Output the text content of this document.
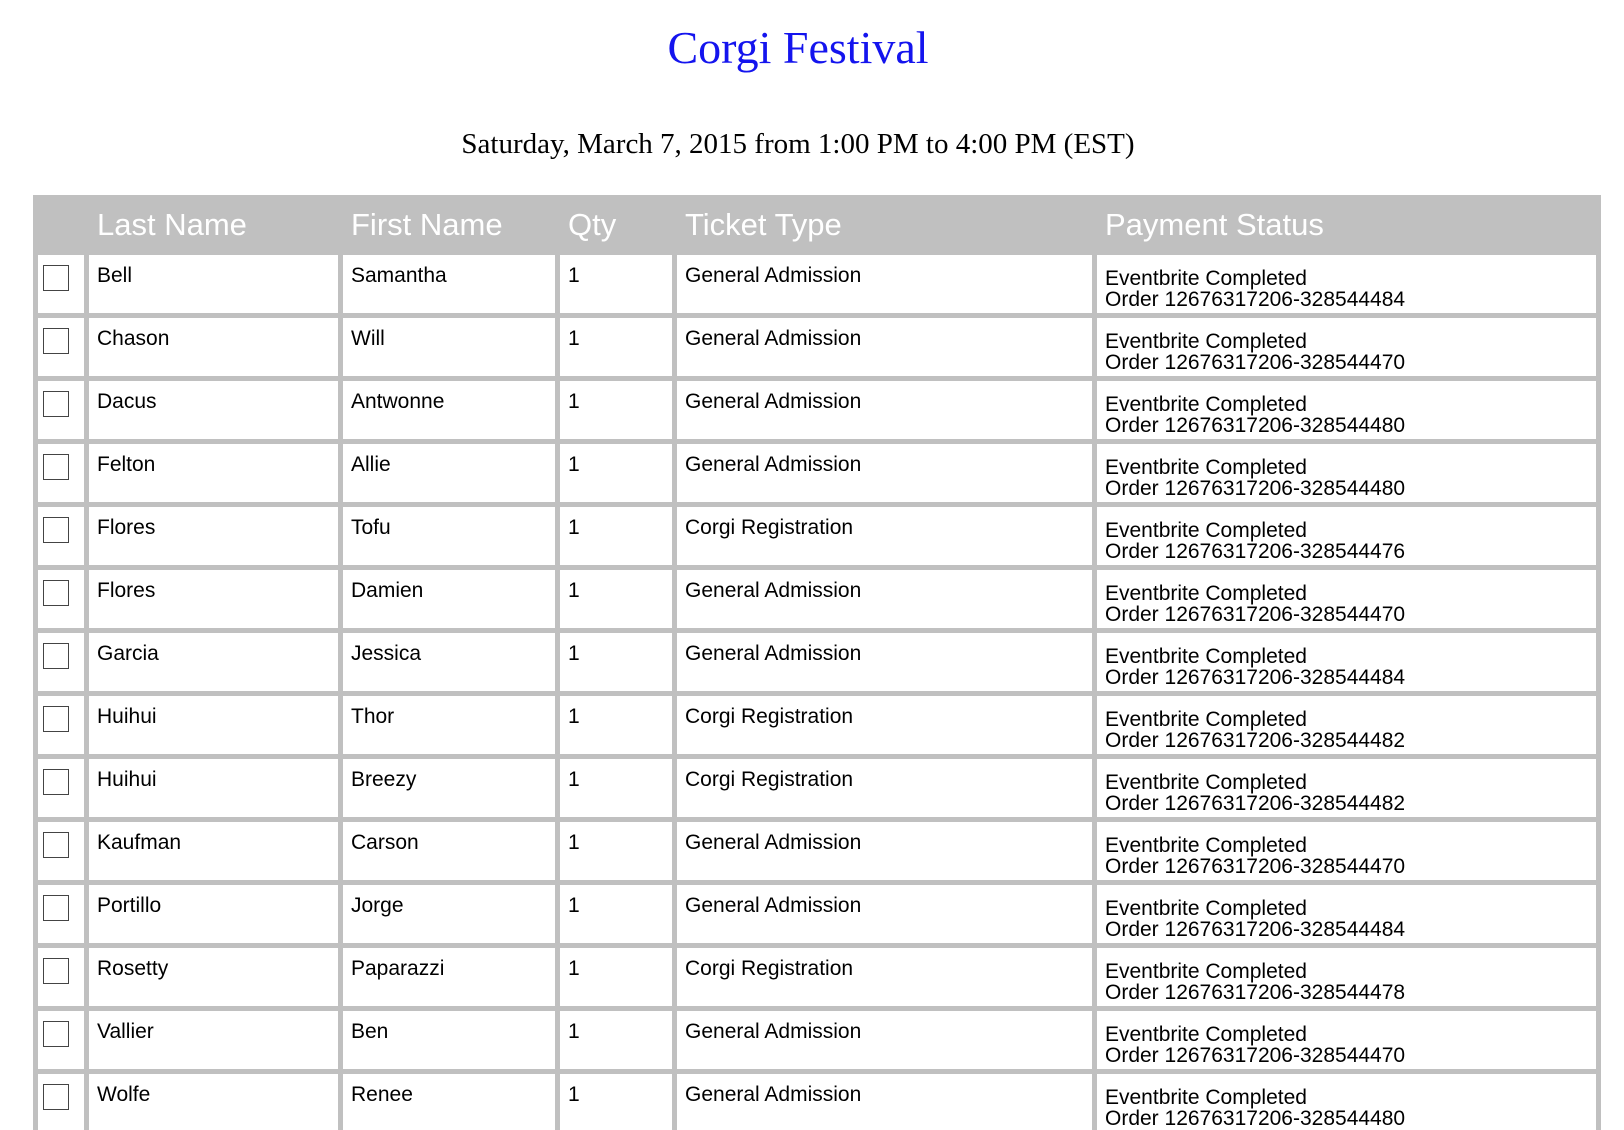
Corgi Festival
Saturday, March 7, 2015 from 1:00 PM to 4:00 PM (EST)
	Last Name	First Name	Qty	Ticket Type	Payment Status

	Bell	Samantha	1	General Admission	Eventbrite Completed
Order 12676317206-328544484

	Chason	Will	1	General Admission	Eventbrite Completed
Order 12676317206-328544470

	Dacus	Antwonne	1	General Admission	Eventbrite Completed
Order 12676317206-328544480

	Felton	Allie	1	General Admission	Eventbrite Completed
Order 12676317206-328544480

	Flores	Tofu	1	Corgi Registration	Eventbrite Completed
Order 12676317206-328544476

	Flores	Damien	1	General Admission	Eventbrite Completed
Order 12676317206-328544470

	Garcia	Jessica	1	General Admission	Eventbrite Completed
Order 12676317206-328544484

	Huihui	Thor	1	Corgi Registration	Eventbrite Completed
Order 12676317206-328544482

	Huihui	Breezy	1	Corgi Registration	Eventbrite Completed
Order 12676317206-328544482

	Kaufman	Carson	1	General Admission	Eventbrite Completed
Order 12676317206-328544470

	Portillo	Jorge	1	General Admission	Eventbrite Completed
Order 12676317206-328544484

	Rosetty	Paparazzi	1	Corgi Registration	Eventbrite Completed
Order 12676317206-328544478

	Vallier	Ben	1	General Admission	Eventbrite Completed
Order 12676317206-328544470

	Wolfe	Renee	1	General Admission	Eventbrite Completed
Order 12676317206-328544480
